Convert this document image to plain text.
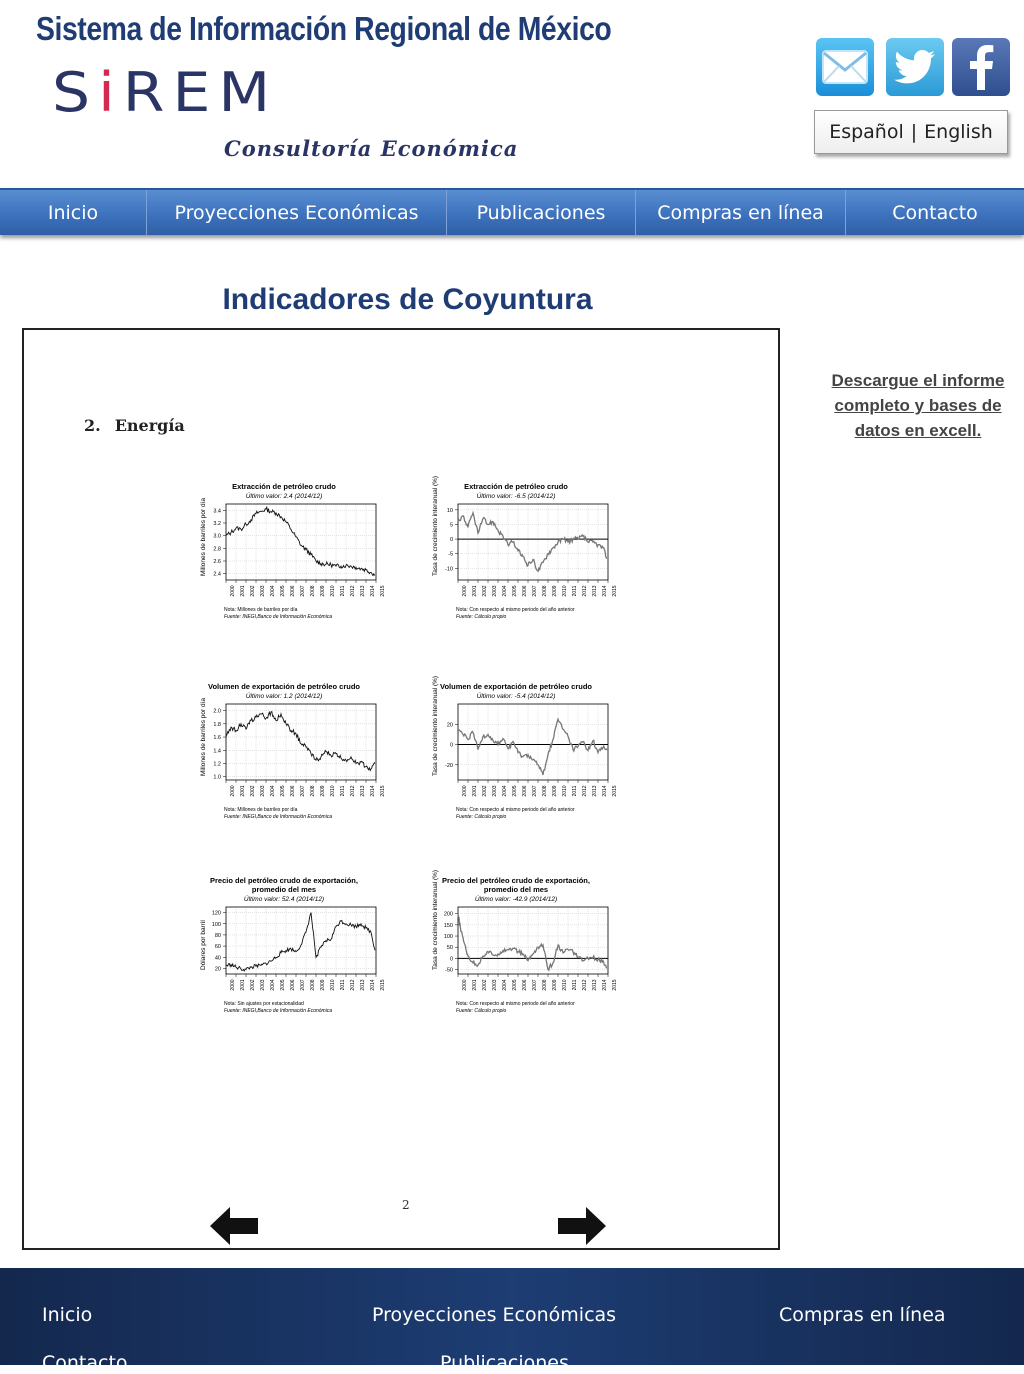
Sistema de Información Regional de México
SiREM
Consultoría Económica
Español | English
Inicio	Proyecciones Económicas	Publicaciones	Compras en línea	Contacto
Indicadores de Coyuntura
2. Energía
Extracción de petróleo crudo
Último valor: 2.4 (2014/12)
2.4
2.6
2.8
3.0
3.2
3.4
2000 2001 2002 2003 2004 2005 2006 2007 2008 2009 2010 2011 2012 2013 2014 2015
Millones de barriles por día
Nota: Millones de barriles por día
Fuente: INEGI,Banco de Información Económica
Extracción de petróleo crudo
Último valor: -6.5 (2014/12)
-10
-5
0
5
10
2000 2001 2002 2003 2004 2005 2006 2007 2008 2009 2010 2011 2012 2013 2014 2015
Tasa de crecimiento interanual (%)
Nota: Con respecto al mismo periodo del año anterior
Fuente: Cálculo propio
Volumen de exportación de petróleo crudo
Último valor: 1.2 (2014/12)
1.0
1.2
1.4
1.6
1.8
2.0
2000 2001 2002 2003 2004 2005 2006 2007 2008 2009 2010 2011 2012 2013 2014 2015
Millones de barriles por día
Nota: Millones de barriles por día
Fuente: INEGI,Banco de Información Económica
Volumen de exportación de petróleo crudo
Último valor: -5.4 (2014/12)
-20
0
20
2000 2001 2002 2003 2004 2005 2006 2007 2008 2009 2010 2011 2012 2013 2014 2015
Tasa de crecimiento interanual (%)
Nota: Con respecto al mismo periodo del año anterior
Fuente: Cálculo propio
Precio del petróleo crudo de exportación, promedio del mes
Último valor: 52.4 (2014/12)
20
40
60
80
100
120
2000 2001 2002 2003 2004 2005 2006 2007 2008 2009 2010 2011 2012 2013 2014 2015
Dólares por barril
Nota: Sin ajustes por estacionalidad
Fuente: INEGI,Banco de Información Económica
Precio del petróleo crudo de exportación, promedio del mes
Último valor: -42.9 (2014/12)
-50
0
50
100
150
200
2000 2001 2002 2003 2004 2005 2006 2007 2008 2009 2010 2011 2012 2013 2014 2015
Tasa de crecimiento interanual (%)
Nota: Con respecto al mismo periodo del año anterior
Fuente: Cálculo propio
2
Descargue el informe completo y bases de datos en excell.
Inicio	Proyecciones Económicas	Compras en línea
Contacto	Publicaciones
